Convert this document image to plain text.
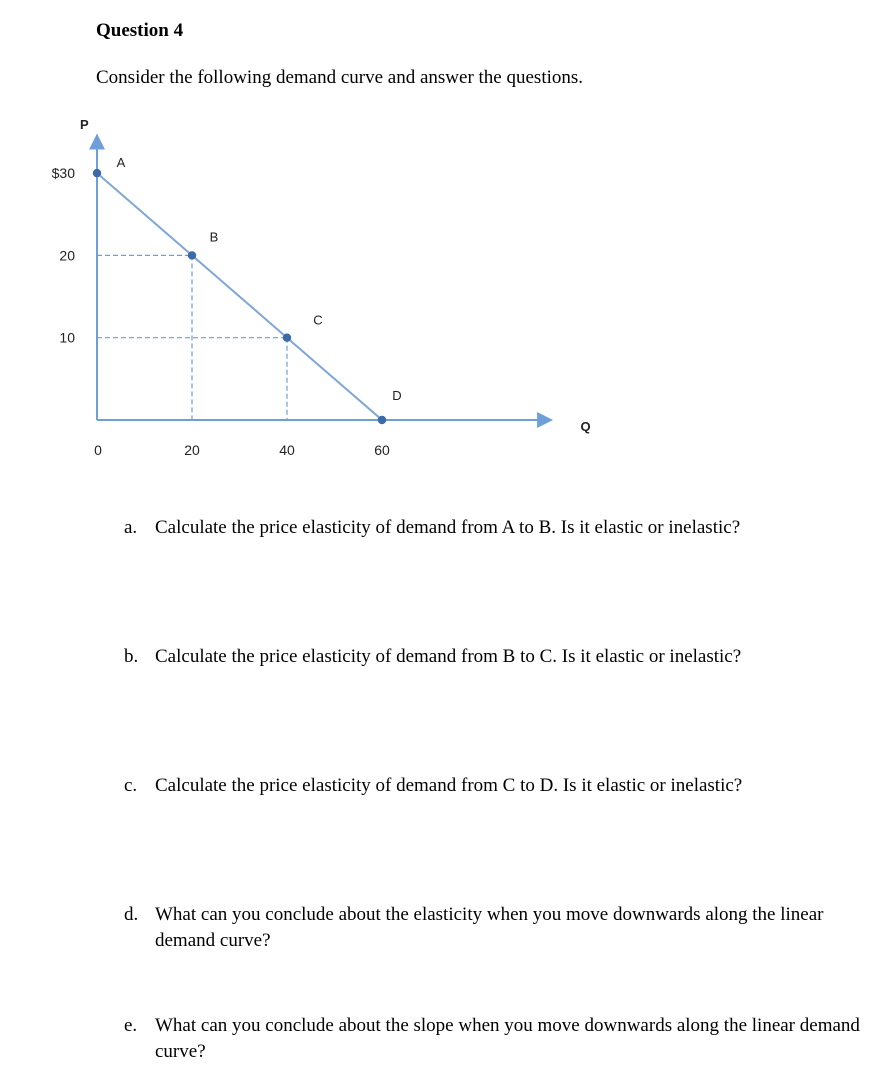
Question 4
Consider the following demand curve and answer the questions.
P
Q
$30
20
10
0	20	40	60
A
B
C
D
a. Calculate the price elasticity of demand from A to B. Is it elastic or inelastic?
b. Calculate the price elasticity of demand from B to C. Is it elastic or inelastic?
c. Calculate the price elasticity of demand from C to D. Is it elastic or inelastic?
d. What can you conclude about the elasticity when you move downwards along the linear demand curve?
e. What can you conclude about the slope when you move downwards along the linear demand curve?
